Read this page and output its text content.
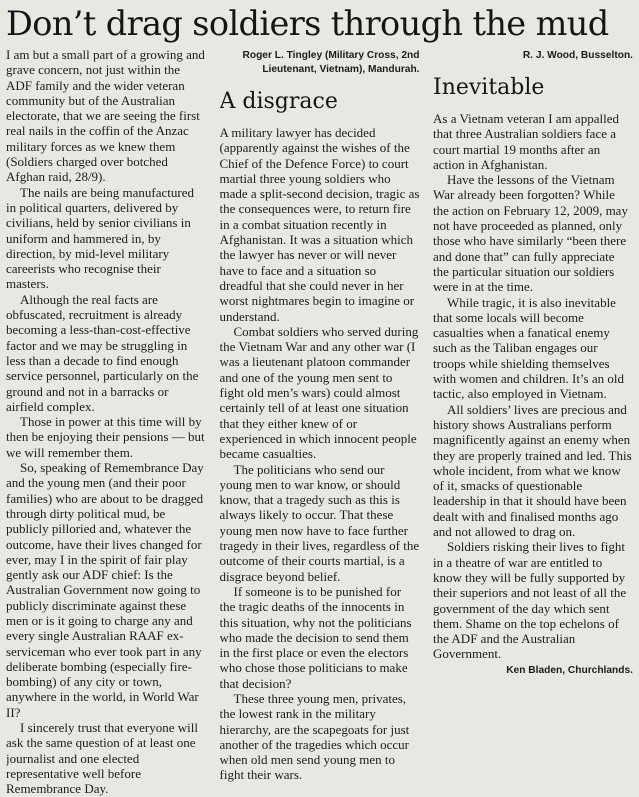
Don’t drag soldiers through the mud

I am but a small part of a growing and grave concern, not just within the ADF family and the wider veteran community but of the Australian electorate, that we are seeing the first real nails in the coffin of the Anzac military forces as we knew them (Soldiers charged over botched Afghan raid, 28/9).

The nails are being manufactured in political quarters, delivered by civilians, held by senior civilians in uniform and hammered in, by direction, by mid-level military careerists who recognise their masters.

Although the real facts are obfuscated, recruitment is already becoming a less-than-cost-effective factor and we may be struggling in less than a decade to find enough service personnel, particularly on the ground and not in a barracks or airfield complex.

Those in power at this time will by then be enjoying their pensions — but we will remember them.

So, speaking of Remembrance Day and the young men (and their poor families) who are about to be dragged through dirty political mud, be publicly pilloried and, whatever the outcome, have their lives changed for ever, may I in the spirit of fair play gently ask our ADF chief: Is the Australian Government now going to publicly discriminate against these men or is it going to charge any and every single Australian RAAF ex-serviceman who ever took part in any deliberate bombing (especially fire-bombing) of any city or town, anywhere in the world, in World War II?

I sincerely trust that everyone will ask the same question of at least one journalist and one elected representative well before Remembrance Day.

Roger L. Tingley (Military Cross, 2nd Lieutenant, Vietnam), Mandurah.
A disgrace

A military lawyer has decided (apparently against the wishes of the Chief of the Defence Force) to court martial three young soldiers who made a split-second decision, tragic as the consequences were, to return fire in a combat situation recently in Afghanistan. It was a situation which the lawyer has never or will never have to face and a situation so dreadful that she could never in her worst nightmares begin to imagine or understand.

Combat soldiers who served during the Vietnam War and any other war (I was a lieutenant platoon commander and one of the young men sent to fight old men’s wars) could almost certainly tell of at least one situation that they either knew of or experienced in which innocent people became casualties.

The politicians who send our young men to war know, or should know, that a tragedy such as this is always likely to occur. That these young men now have to face further tragedy in their lives, regardless of the outcome of their courts martial, is a disgrace beyond belief.

If someone is to be punished for the tragic deaths of the innocents in this situation, why not the politicians who made the decision to send them in the first place or even the electors who chose those politicians to make that decision?

These three young men, privates, the lowest rank in the military hierarchy, are the scapegoats for just another of the tragedies which occur when old men send young men to fight their wars.

R. J. Wood, Busselton.
Inevitable

As a Vietnam veteran I am appalled that three Australian soldiers face a court martial 19 months after an action in Afghanistan.

Have the lessons of the Vietnam War already been forgotten? While the action on February 12, 2009, may not have proceeded as planned, only those who have similarly “been there and done that” can fully appreciate the particular situation our soldiers were in at the time.

While tragic, it is also inevitable that some locals will become casualties when a fanatical enemy such as the Taliban engages our troops while shielding themselves with women and children. It’s an old tactic, also employed in Vietnam.

All soldiers’ lives are precious and history shows Australians perform magnificently against an enemy when they are properly trained and led. This whole incident, from what we know of it, smacks of questionable leadership in that it should have been dealt with and finalised months ago and not allowed to drag on.

Soldiers risking their lives to fight in a theatre of war are entitled to know they will be fully supported by their superiors and not least of all the government of the day which sent them. Shame on the top echelons of the ADF and the Australian Government.

Ken Bladen, Churchlands.
